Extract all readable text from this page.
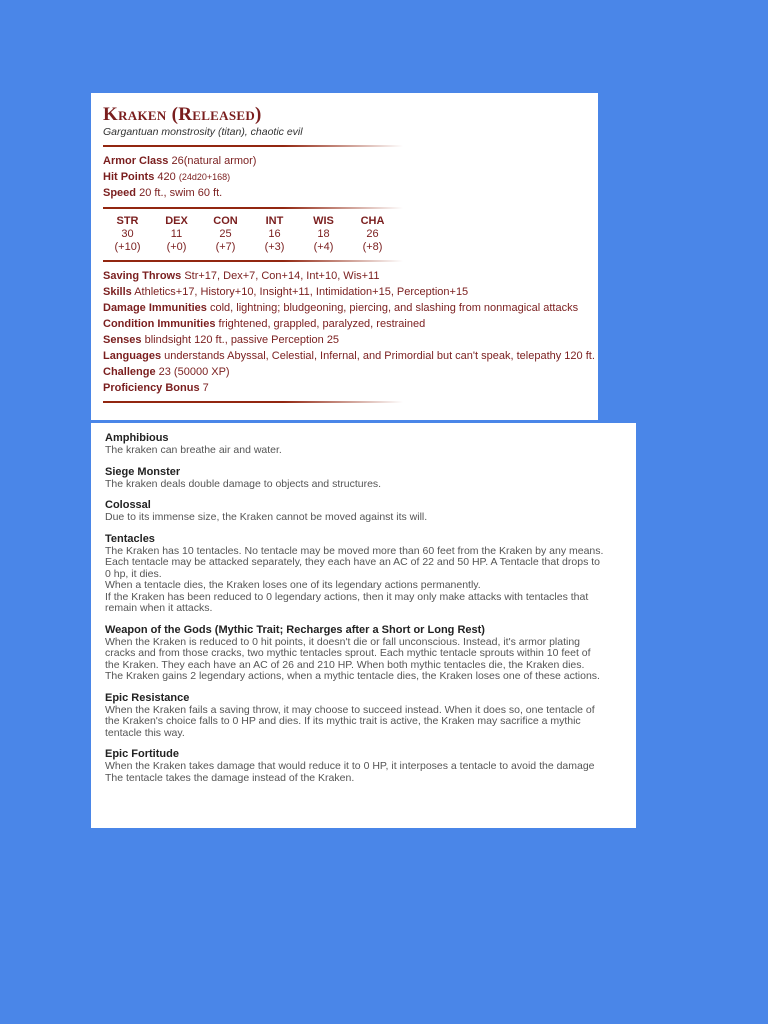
Kraken (Released)
Gargantuan monstrosity (titan), chaotic evil
Armor Class 26(natural armor)
Hit Points 420 (24d20+168)
Speed 20 ft., swim 60 ft.
STR
30
(+10)
DEX
11
(+0)
CON
25
(+7)
INT
16
(+3)
WIS
18
(+4)
CHA
26
(+8)
Saving Throws Str+17, Dex+7, Con+14, Int+10, Wis+11
Skills Athletics+17, History+10, Insight+11, Intimidation+15, Perception+15
Damage Immunities cold, lightning; bludgeoning, piercing, and slashing from nonmagical attacks
Condition Immunities frightened, grappled, paralyzed, restrained
Senses blindsight 120 ft., passive Perception 25
Languages understands Abyssal, Celestial, Infernal, and Primordial but can't speak, telepathy 120 ft.
Challenge 23 (50000 XP)
Proficiency Bonus 7
Amphibious
The kraken can breathe air and water.
Siege Monster
The kraken deals double damage to objects and structures.
Colossal
Due to its immense size, the Kraken cannot be moved against its will.
Tentacles
The Kraken has 10 tentacles. No tentacle may be moved more than 60 feet from the Kraken by any means.
Each tentacle may be attacked separately, they each have an AC of 22 and 50 HP. A Tentacle that drops to
0 hp, it dies.
When a tentacle dies, the Kraken loses one of its legendary actions permanently.
If the Kraken has been reduced to 0 legendary actions, then it may only make attacks with tentacles that
remain when it attacks.
Weapon of the Gods (Mythic Trait; Recharges after a Short or Long Rest)
When the Kraken is reduced to 0 hit points, it doesn't die or fall unconscious. Instead, it's armor plating
cracks and from those cracks, two mythic tentacles sprout. Each mythic tentacle sprouts within 10 feet of
the Kraken. They each have an AC of 26 and 210 HP. When both mythic tentacles die, the Kraken dies.
The Kraken gains 2 legendary actions, when a mythic tentacle dies, the Kraken loses one of these actions.
Epic Resistance
When the Kraken fails a saving throw, it may choose to succeed instead. When it does so, one tentacle of
the Kraken's choice falls to 0 HP and dies. If its mythic trait is active, the Kraken may sacrifice a mythic
tentacle this way.
Epic Fortitude
When the Kraken takes damage that would reduce it to 0 HP, it interposes a tentacle to avoid the damage
The tentacle takes the damage instead of the Kraken.
